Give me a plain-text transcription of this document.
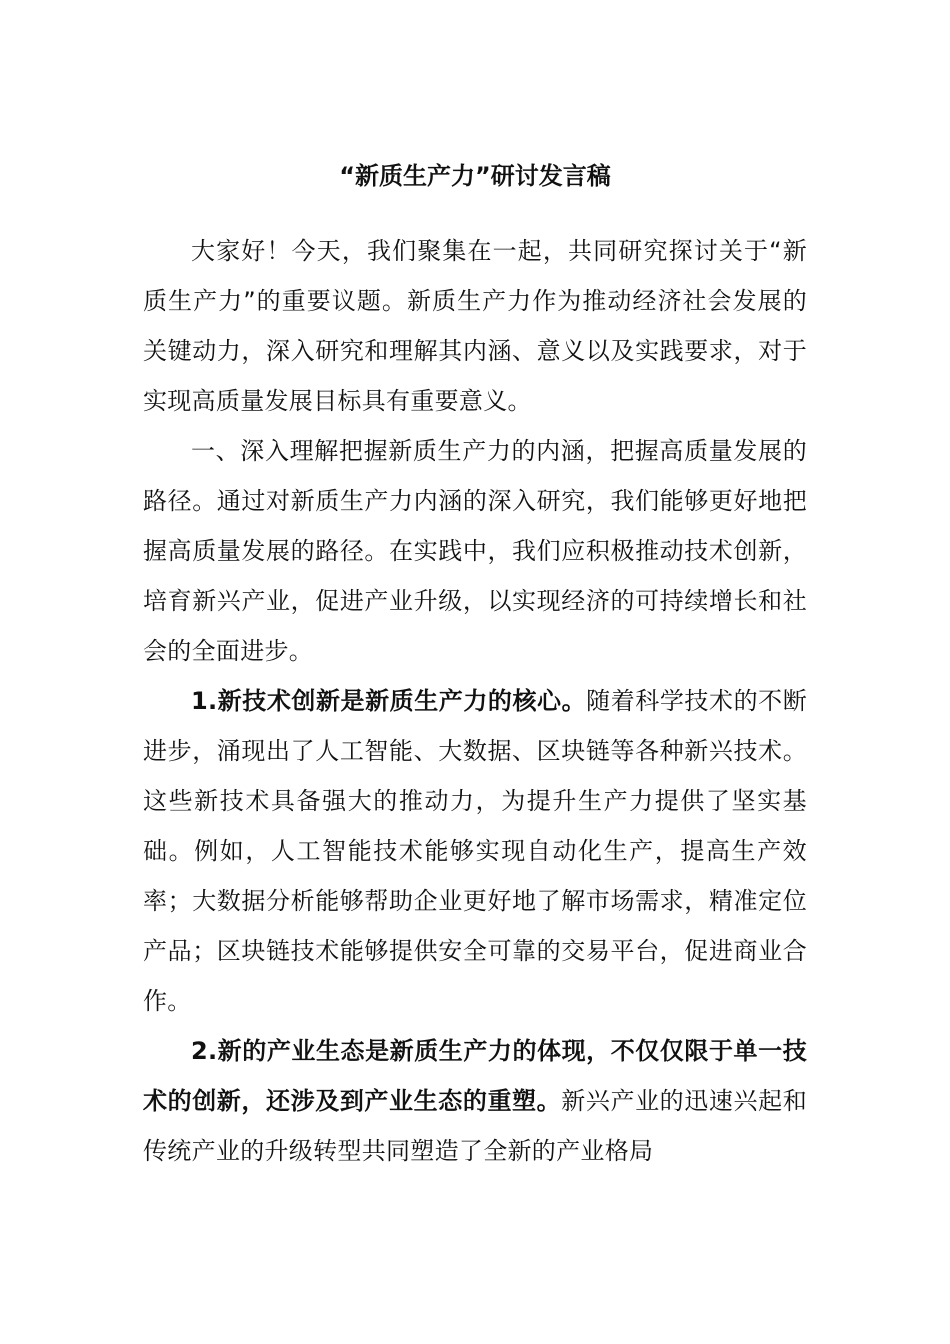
“新质生产力”研讨发言稿

大家好！今天，我们聚集在一起，共同研究探讨关于“新质生产力”的重要议题。新质生产力作为推动经济社会发展的关键动力，深入研究和理解其内涵、意义以及实践要求，对于实现高质量发展目标具有重要意义。

一、深入理解把握新质生产力的内涵，把握高质量发展的路径。通过对新质生产力内涵的深入研究，我们能够更好地把握高质量发展的路径。在实践中，我们应积极推动技术创新，培育新兴产业，促进产业升级，以实现经济的可持续增长和社会的全面进步。

1.新技术创新是新质生产力的核心。随着科学技术的不断进步，涌现出了人工智能、大数据、区块链等各种新兴技术。这些新技术具备强大的推动力，为提升生产力提供了坚实基础。例如，人工智能技术能够实现自动化生产，提高生产效率；大数据分析能够帮助企业更好地了解市场需求，精准定位产品；区块链技术能够提供安全可靠的交易平台，促进商业合作。

2.新的产业生态是新质生产力的体现，不仅仅限于单一技术的创新，还涉及到产业生态的重塑。新兴产业的迅速兴起和传统产业的升级转型共同塑造了全新的产业格局
